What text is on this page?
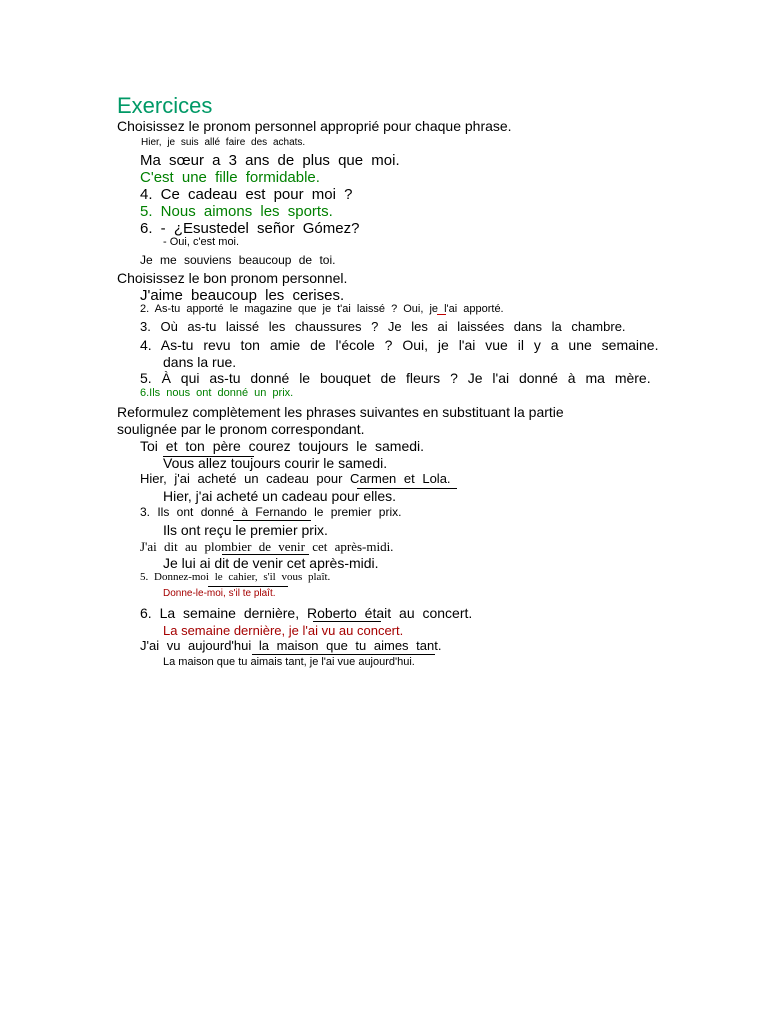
Exercices
Choisissez le pronom personnel approprié pour chaque phrase.
Hier, je suis allé faire des achats.
Ma sœur a 3 ans de plus que moi.
C'est une fille formidable.
4. Ce cadeau est pour moi ?
5. Nous aimons les sports.
6. - ¿Esustedel señor Gómez?
- Oui, c'est moi.
Je me souviens beaucoup de toi.
Choisissez le bon pronom personnel.
J'aime beaucoup les cerises.
2. As-tu apporté le magazine que je t'ai laissé ? Oui, je l'ai apporté.
3. Où as-tu laissé les chaussures ? Je les ai laissées dans la chambre.
4. As-tu revu ton amie de l'école ? Oui, je l'ai vue il y a une semaine.
dans la rue.
5. À qui as-tu donné le bouquet de fleurs ? Je l'ai donné à ma mère.
6.Ils nous ont donné un prix.
Reformulez complètement les phrases suivantes en substituant la partie
soulignée par le pronom correspondant.
Toi et ton père courez toujours le samedi.
Vous allez toujours courir le samedi.
Hier, j'ai acheté un cadeau pour Carmen et Lola.
Hier, j'ai acheté un cadeau pour elles.
3. Ils ont donné à Fernando le premier prix.
Ils ont reçu le premier prix.
J'ai dit au plombier de venir cet après-midi.
Je lui ai dit de venir cet après-midi.
5. Donnez-moi le cahier, s'il vous plaît.
Donne-le-moi, s'il te plaît.
6. La semaine dernière, Roberto était au concert.
La semaine dernière, je l'ai vu au concert.
J'ai vu aujourd'hui la maison que tu aimes tant.
La maison que tu aimais tant, je l'ai vue aujourd'hui.
